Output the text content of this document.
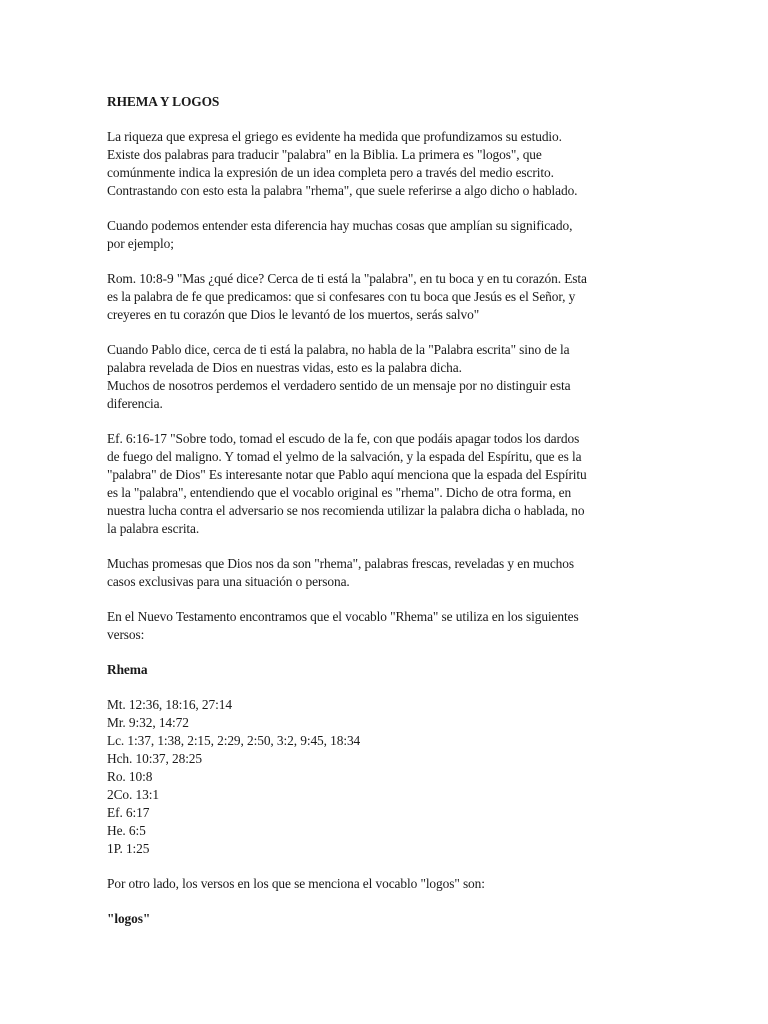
RHEMA Y LOGOS

La riqueza que expresa el griego es evidente ha medida que profundizamos su estudio.
Existe dos palabras para traducir "palabra" en la Biblia. La primera es "logos", que
comúnmente indica la expresión de un idea completa pero a través del medio escrito.
Contrastando con esto esta la palabra "rhema", que suele referirse a algo dicho o hablado.

Cuando podemos entender esta diferencia hay muchas cosas que amplían su significado,
por ejemplo;

Rom. 10:8-9 "Mas ¿qué dice? Cerca de ti está la "palabra", en tu boca y en tu corazón. Esta
es la palabra de fe que predicamos: que si confesares con tu boca que Jesús es el Señor, y
creyeres en tu corazón que Dios le levantó de los muertos, serás salvo"

Cuando Pablo dice, cerca de ti está la palabra, no habla de la "Palabra escrita" sino de la
palabra revelada de Dios en nuestras vidas, esto es la palabra dicha.
Muchos de nosotros perdemos el verdadero sentido de un mensaje por no distinguir esta
diferencia.

Ef. 6:16-17 "Sobre todo, tomad el escudo de la fe, con que podáis apagar todos los dardos
de fuego del maligno. Y tomad el yelmo de la salvación, y la espada del Espíritu, que es la
"palabra" de Dios" Es interesante notar que Pablo aquí menciona que la espada del Espíritu
es la "palabra", entendiendo que el vocablo original es "rhema". Dicho de otra forma, en
nuestra lucha contra el adversario se nos recomienda utilizar la palabra dicha o hablada, no
la palabra escrita.

Muchas promesas que Dios nos da son "rhema", palabras frescas, reveladas y en muchos
casos exclusivas para una situación o persona.

En el Nuevo Testamento encontramos que el vocablo "Rhema" se utiliza en los siguientes
versos:

Rhema
Mt. 12:36, 18:16, 27:14
Mr. 9:32, 14:72
Lc. 1:37, 1:38, 2:15, 2:29, 2:50, 3:2, 9:45, 18:34
Hch. 10:37, 28:25
Ro. 10:8
2Co. 13:1
Ef. 6:17
He. 6:5
1P. 1:25

Por otro lado, los versos en los que se menciona el vocablo "logos" son:

"logos"
